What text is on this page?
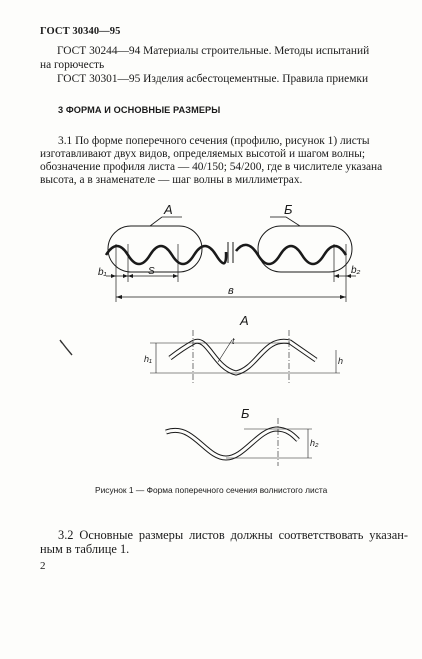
ГОСТ 30340—95
ГОСТ 30244—94 Материалы строительные. Методы испытаний
на горючесть
ГОСТ 30301—95 Изделия асбестоцементные. Правила приемки
3 ФОРМА И ОСНОВНЫЕ РАЗМЕРЫ
3.1 По форме поперечного сечения (профилю, рисунок 1) листы
изготавливают двух видов, определяемых высотой и шагом волны;
обозначение профиля листа — 40/150; 54/200, где в числителе указана
высота, а в знаменателе — шаг волны в миллиметрах.
А	Б
b₁	S	b₂
в
А
h₁	h
t
Б
h₂
Рисунок 1 — Форма поперечного сечения волнистого листа
3.2 Основные размеры листов должны соответствовать указан-
ным в таблице 1.
2
